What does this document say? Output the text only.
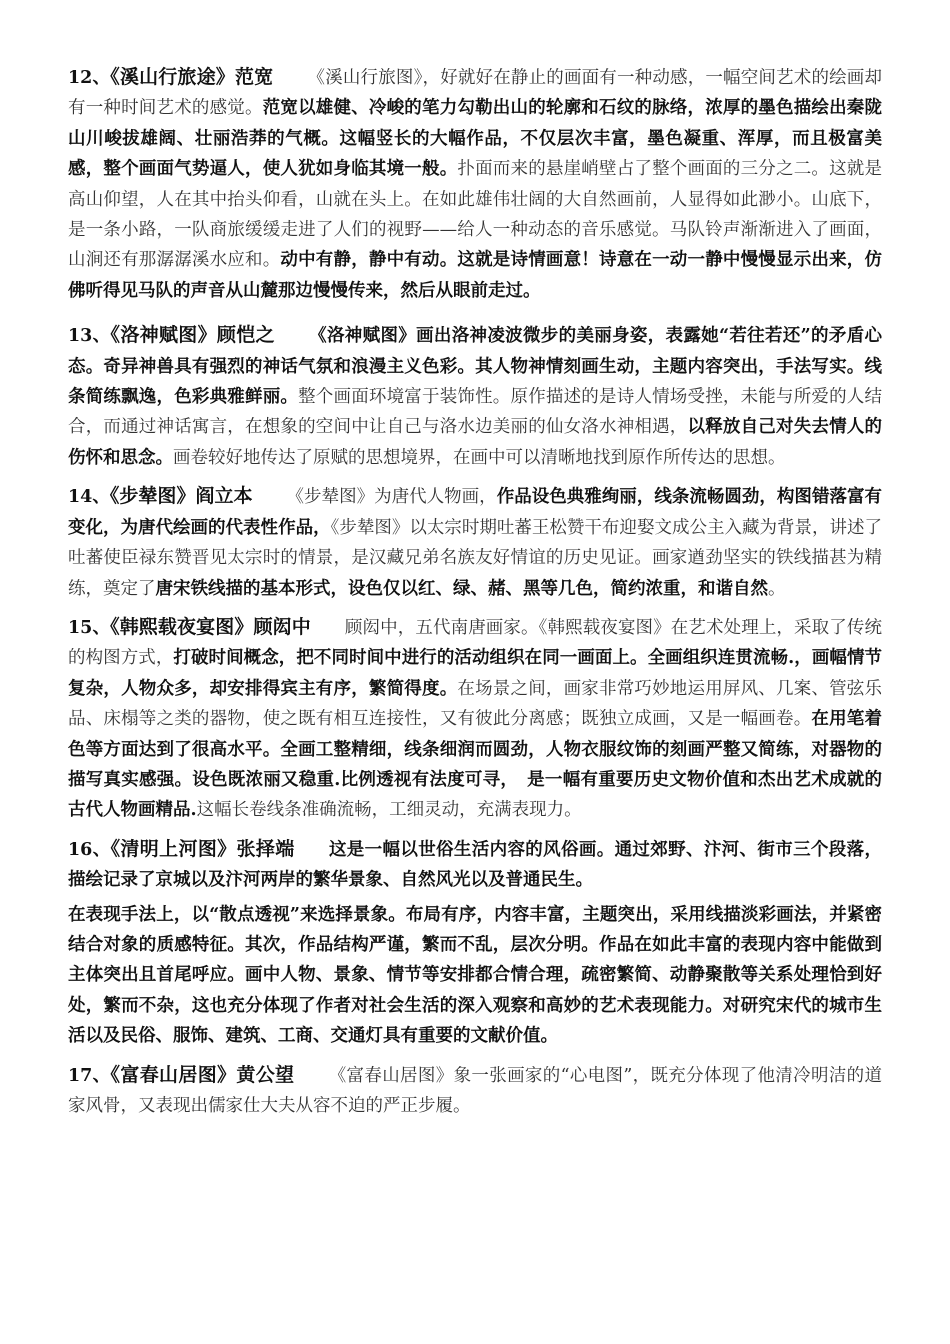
12、《溪山行旅途》范宽 《溪山行旅图》，好就好在静止的画面有一种动感，一幅空间艺术的绘画却有一种时间艺术的感觉。范宽以雄健、冷峻的笔力勾勒出山的轮廓和石纹的脉络，浓厚的墨色描绘出秦陇山川峻拔雄阔、壮丽浩莽的气概。这幅竖长的大幅作品，不仅层次丰富，墨色凝重、浑厚，而且极富美感，整个画面气势逼人，使人犹如身临其境一般。扑面而来的悬崖峭壁占了整个画面的三分之二。这就是高山仰望，人在其中抬头仰看，山就在头上。在如此雄伟壮阔的大自然画前，人显得如此渺小。山底下，是一条小路，一队商旅缓缓走进了人们的视野——给人一种动态的音乐感觉。马队铃声渐渐进入了画面，山涧还有那潺潺溪水应和。动中有静，静中有动。这就是诗情画意！诗意在一动一静中慢慢显示出来，仿佛听得见马队的声音从山麓那边慢慢传来，然后从眼前走过。

13、《洛神赋图》顾恺之 《洛神赋图》画出洛神凌波微步的美丽身姿，表露她“若往若还”的矛盾心态。奇异神兽具有强烈的神话气氛和浪漫主义色彩。其人物神情刻画生动，主题内容突出，手法写实。线条简练飘逸，色彩典雅鲜丽。整个画面环境富于装饰性。原作描述的是诗人情场受挫，未能与所爱的人结合，而通过神话寓言，在想象的空间中让自己与洛水边美丽的仙女洛水神相遇，以释放自己对失去情人的伤怀和思念。画卷较好地传达了原赋的思想境界，在画中可以清晰地找到原作所传达的思想。

14、《步辇图》阎立本 《步辇图》为唐代人物画，作品设色典雅绚丽，线条流畅圆劲，构图错落富有变化，为唐代绘画的代表性作品，《步辇图》以太宗时期吐蕃王松赞干布迎娶文成公主入藏为背景，讲述了吐蕃使臣禄东赞晋见太宗时的情景，是汉藏兄弟名族友好情谊的历史见证。画家遒劲坚实的铁线描甚为精练，奠定了唐宋铁线描的基本形式，设色仅以红、绿、赭、黑等几色，简约浓重，和谐自然。

15、《韩熙载夜宴图》顾闳中 顾闳中，五代南唐画家。《韩熙载夜宴图》在艺术处理上，采取了传统的构图方式，打破时间概念，把不同时间中进行的活动组织在同一画面上。全画组织连贯流畅.，画幅情节复杂，人物众多，却安排得宾主有序，繁简得度。在场景之间，画家非常巧妙地运用屏风、几案、管弦乐品、床榻等之类的器物，使之既有相互连接性，又有彼此分离感；既独立成画，又是一幅画卷。在用笔着色等方面达到了很高水平。全画工整精细，线条细润而圆劲，人物衣服纹饰的刻画严整又简练，对器物的描写真实感强。设色既浓丽又稳重.比例透视有法度可寻，　是一幅有重要历史文物价值和杰出艺术成就的古代人物画精品.这幅长卷线条准确流畅，工细灵动，充满表现力。

16、《清明上河图》张择端 这是一幅以世俗生活内容的风俗画。通过郊野、汴河、街市三个段落，描绘记录了京城以及汴河两岸的繁华景象、自然风光以及普通民生。

在表现手法上，以“散点透视”来选择景象。布局有序，内容丰富，主题突出，采用线描淡彩画法，并紧密结合对象的质感特征。其次，作品结构严谨，繁而不乱，层次分明。作品在如此丰富的表现内容中能做到主体突出且首尾呼应。画中人物、景象、情节等安排都合情合理，疏密繁简、动静聚散等关系处理恰到好处，繁而不杂，这也充分体现了作者对社会生活的深入观察和高妙的艺术表现能力。对研究宋代的城市生活以及民俗、服饰、建筑、工商、交通灯具有重要的文献价值。

17、《富春山居图》黄公望 《富春山居图》象一张画家的“心电图”，既充分体现了他清冷明洁的道家风骨，又表现出儒家仕大夫从容不迫的严正步履。
